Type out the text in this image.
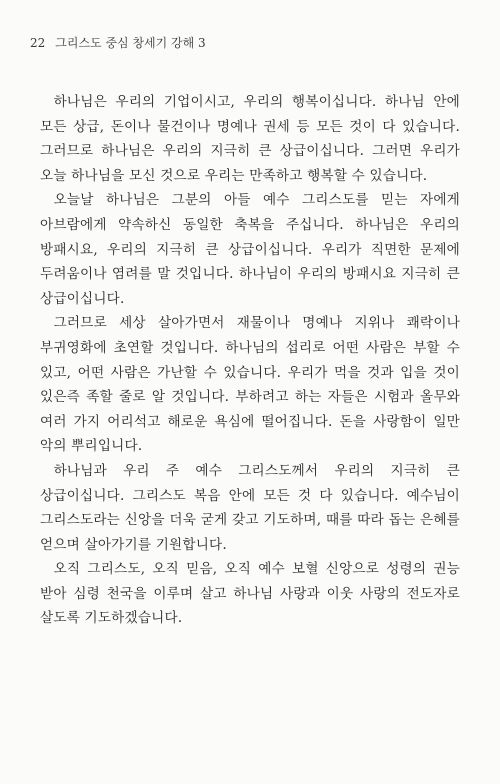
22 그리스도 중심 창세기 강해 3

하나님은 우리의 기업이시고, 우리의 행복이십니다. 하나님 안에 모든 상급, 돈이나 물건이나 명예나 권세 등 모든 것이 다 있습니다. 그러므로 하나님은 우리의 지극히 큰 상급이십니다. 그러면 우리가 오늘 하나님을 모신 것으로 우리는 만족하고 행복할 수 있습니다.

오늘날 하나님은 그분의 아들 예수 그리스도를 믿는 자에게 아브람에게 약속하신 동일한 축복을 주십니다. 하나님은 우리의 방패시요, 우리의 지극히 큰 상급이십니다. 우리가 직면한 문제에 두려움이나 염려를 말 것입니다. 하나님이 우리의 방패시요 지극히 큰 상급이십니다.

그러므로 세상 살아가면서 재물이나 명예나 지위나 쾌락이나 부귀영화에 초연할 것입니다. 하나님의 섭리로 어떤 사람은 부할 수 있고, 어떤 사람은 가난할 수 있습니다. 우리가 먹을 것과 입을 것이 있은즉 족할 줄로 알 것입니다. 부하려고 하는 자들은 시험과 올무와 여러 가지 어리석고 해로운 욕심에 떨어집니다. 돈을 사랑함이 일만 악의 뿌리입니다.

하나님과 우리 주 예수 그리스도께서 우리의 지극히 큰 상급이십니다. 그리스도 복음 안에 모든 것 다 있습니다. 예수님이 그리스도라는 신앙을 더욱 굳게 갖고 기도하며, 때를 따라 돕는 은혜를 얻으며 살아가기를 기원합니다.

오직 그리스도, 오직 믿음, 오직 예수 보혈 신앙으로 성령의 권능 받아 심령 천국을 이루며 살고 하나님 사랑과 이웃 사랑의 전도자로 살도록 기도하겠습니다.
